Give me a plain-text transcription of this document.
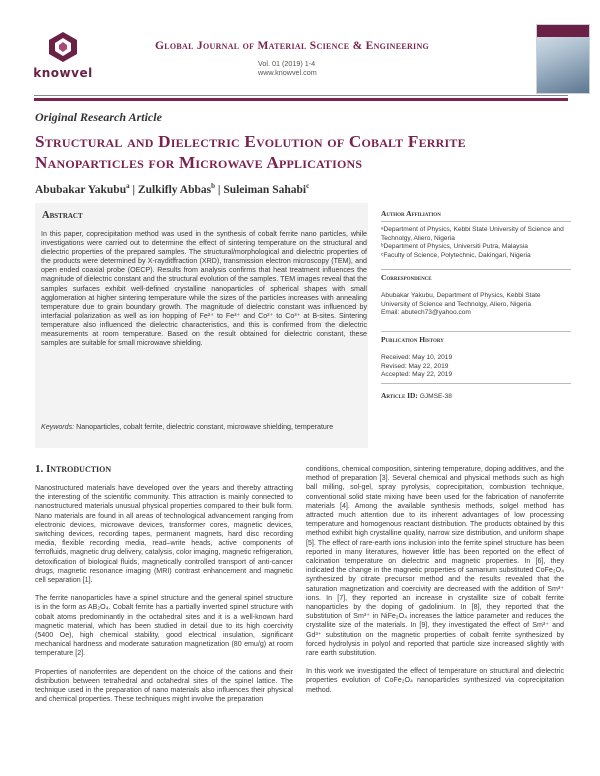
knowvel
Global Journal of Material Science & Engineering
Vol. 01 (2019) 1-4
www.knowvel.com
Original Research Article
Structural and Dielectric Evolution of Cobalt Ferrite Nanoparticles for Microwave Applications
Abubakar Yakubu$^a$ | Zulkifly Abbas$^b$ | Suleiman Sahabi$^c$
Abstract
In this paper, coprecipitation method was used in the synthesis of cobalt ferrite nano particles, while investigations were carried out to determine the effect of sintering temperature on the structural and dielectric properties of the prepared samples. The structural/morphological and dielectric properties of the products were determined by X-rayditffraction (XRD), transmission electron microscopy (TEM), and open ended coaxial probe (OECP). Results from analysis confirms that heat treatment influences the magnitude of dielectric constant and the structural evolution of the samples. TEM images reveal that the samples surfaces exhibit well-defined crystalline nanoparticles of spherical shapes with small agglomeration at higher sintering temperature while the sizes of the particles increases with annealing temperature due to grain boundary growth. The magnitude of dielectric constant was influenced by interfacial polarization as well as ion hopping of Fe²⁺ to Fe³⁺ and Co²⁺ to Co³⁺ at B-sites. Sintering temperature also influenced the dielectric characteristics, and this is confirmed from the dielectric measurements at room temperature. Based on the result obtained for dielectric constant, these samples are suitable for small microwave shielding.
Keywords: Nanoparticles, cobalt ferrite, dielectric constant, microwave shielding, temperature
Author Affiliation
ᵃDepartment of Physics, Kebbi State University of Science and Technolgy, Aliero, Nigeria
ᵇDepartment of Physics, Universiti Putra, Malaysia
ᶜFaculty of Science, Polytechnic, Dakingari, Nigeria
Correspondence
Abubakar Yakubu, Department of Physics, Kebbi State University of Science and Technolgy, Aliero, Nigeria
Email: abutech73@yahoo.com
Publication History
Received: May 10, 2019
Revised: May 22, 2019
Accepted: May 22, 2019
Article ID: GJMSE-38
1. Introduction

Nanostructured materials have developed over the years and thereby attracting the interesting of the scientific community. This attraction is mainly connected to nanostructured materials unusual physical properties compared to their bulk form. Nano materials are found in all areas of technological advancement ranging from electronic devices, microwave devices, transformer cores, magnetic devices, switching devices, recording tapes, permanent magnets, hard disc recording media, flexible recording media, read–write heads, active components of ferrofluids, magnetic drug delivery, catalysis, color imaging, magnetic refrigeration, detoxification of biological fluids, magnetically controlled transport of anti-cancer drugs, magnetic resonance imaging (MRI) contrast enhancement and magnetic cell separation [1].

The ferrite nanoparticles have a spinel structure and the general spinel structure is in the form as AB₂O₄. Cobalt ferrite has a partially inverted spinel structure with cobalt atoms predominantly in the octahedral sites and it is a well-known hard magnetic material, which has been studied in detail due to its high coercivity (5400 Oe), high chemical stability, good electrical insulation, significant mechanical hardness and moderate saturation magnetization (80 emu/g) at room temperature [2].

Properties of nanoferrites are dependent on the choice of the cations and their distribution between tetrahedral and octahedral sites of the spinel lattice. The technique used in the preparation of nano materials also influences their physical and chemical properties. These techniques might involve the preparation

conditions, chemical composition, sintering temperature, doping additives, and the method of preparation [3]. Several chemical and physical methods such as high ball milling, sol-gel, spray pyrolysis, coprecipitation, combustion technique, conventional solid state mixing have been used for the fabrication of nanoferrite materials [4]. Among the available synthesis methods, solgel method has attracted much attention due to its inherent advantages of low processing temperature and homogenous reactant distribution. The products obtained by this method exhibit high crystalline quality, narrow size distribution, and uniform shape [5]. The effect of rare-earth ions inclusion into the ferrite spinel structure has been reported in many literatures, however little has been reported on the effect of calcination temperature on dielectric and magnetic properties. In [6], they indicated the change in the magnetic properties of samarium substituted CoFe₂O₄ synthesized by citrate precursor method and the results revealed that the saturation magnetization and coercivity are decreased with the addition of Sm³⁺ ions. In [7], they reported an increase in crystallite size of cobalt ferrite nanoparticles by the doping of gadolinium. In [8], they reported that the substitution of Sm³⁺ in NiFe₂O₄ increases the lattice parameter and reduces the crystallite size of the materials. In [9], they investigated the effect of Sm³⁺ and Gd³⁺ substitution on the magnetic properties of cobalt ferrite synthesized by forced hydrolysis in polyol and reported that particle size increased slightly with rare earth substitution.

In this work we investigated the effect of temperature on structural and dielectric properties evolution of CoFe₂O₄ nanoparticles synthesized via coprecipitation method.
